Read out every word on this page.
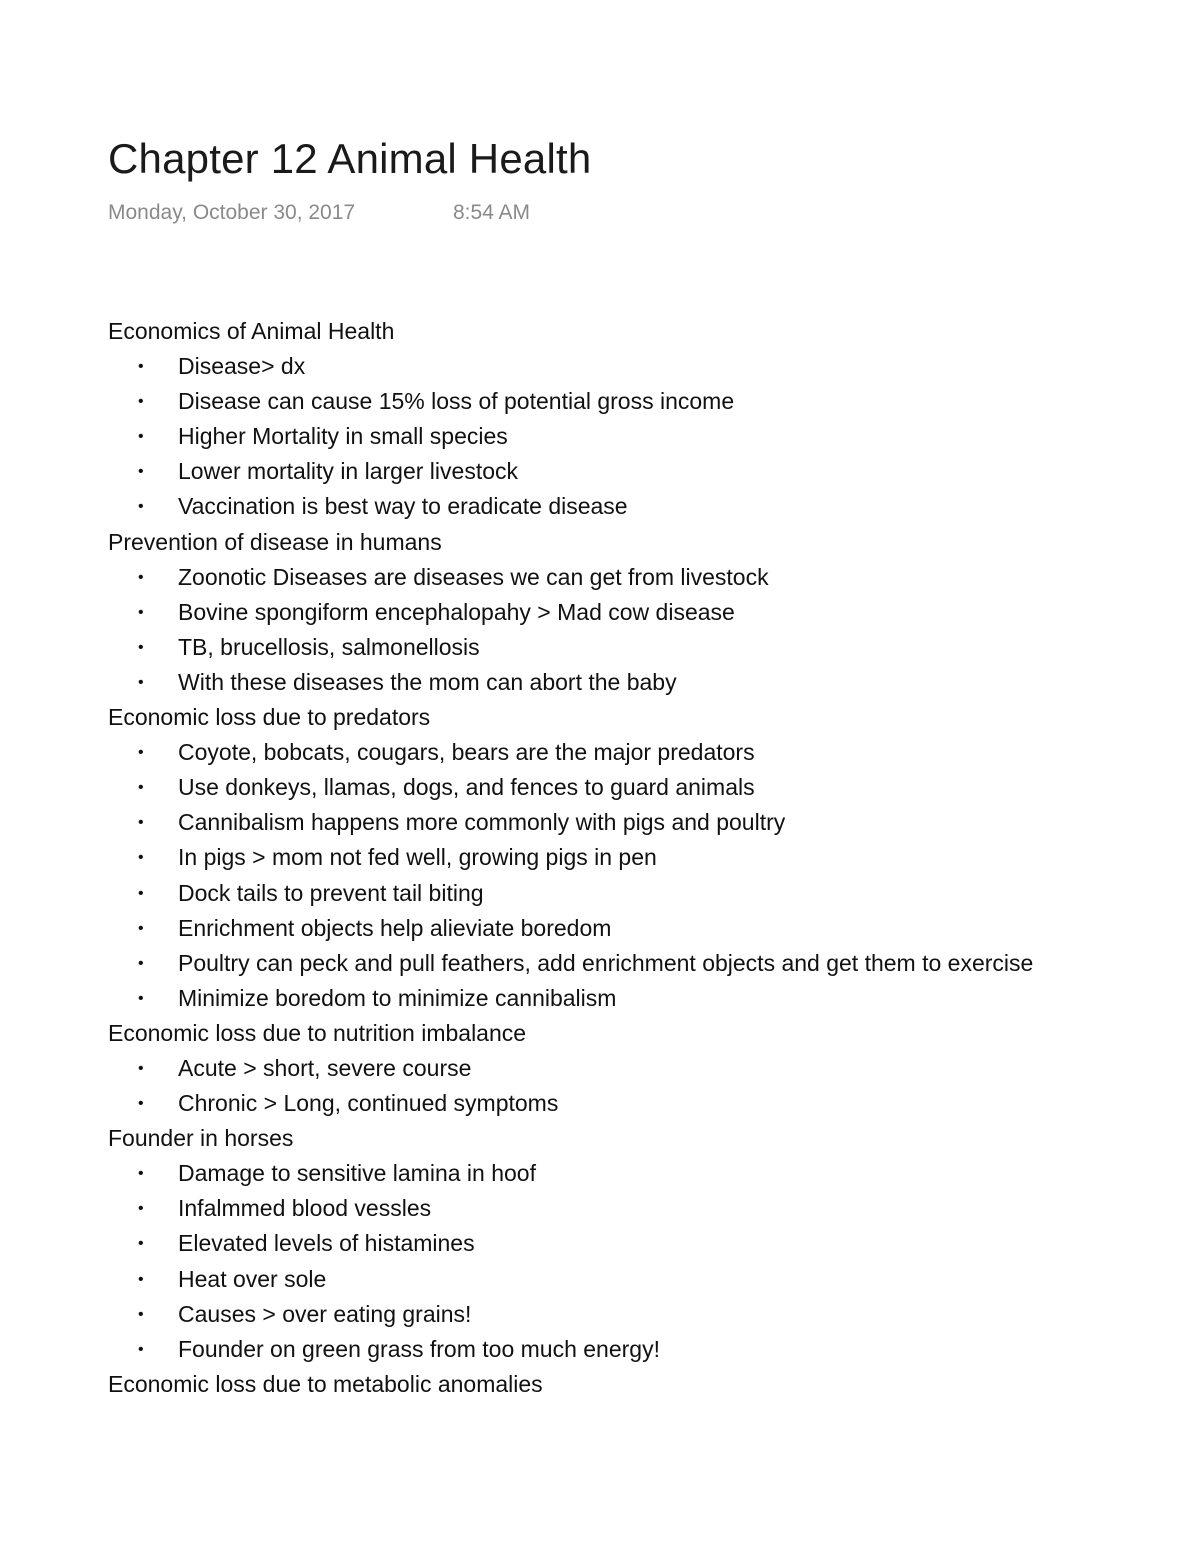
Chapter 12 Animal Health
Monday, October 30, 2017	8:54 AM
Economics of Animal Health
• Disease> dx
• Disease can cause 15% loss of potential gross income
• Higher Mortality in small species
• Lower mortality in larger livestock
• Vaccination is best way to eradicate disease
Prevention of disease in humans
• Zoonotic Diseases are diseases we can get from livestock
• Bovine spongiform encephalopahy > Mad cow disease
• TB, brucellosis, salmonellosis
• With these diseases the mom can abort the baby
Economic loss due to predators
• Coyote, bobcats, cougars, bears are the major predators
• Use donkeys, llamas, dogs, and fences to guard animals
• Cannibalism happens more commonly with pigs and poultry
• In pigs > mom not fed well, growing pigs in pen
• Dock tails to prevent tail biting
• Enrichment objects help alieviate boredom
• Poultry can peck and pull feathers, add enrichment objects and get them to exercise
• Minimize boredom to minimize cannibalism
Economic loss due to nutrition imbalance
• Acute > short, severe course
• Chronic > Long, continued symptoms
Founder in horses
• Damage to sensitive lamina in hoof
• Infalmmed blood vessles
• Elevated levels of histamines
• Heat over sole
• Causes > over eating grains!
• Founder on green grass from too much energy!
Economic loss due to metabolic anomalies
